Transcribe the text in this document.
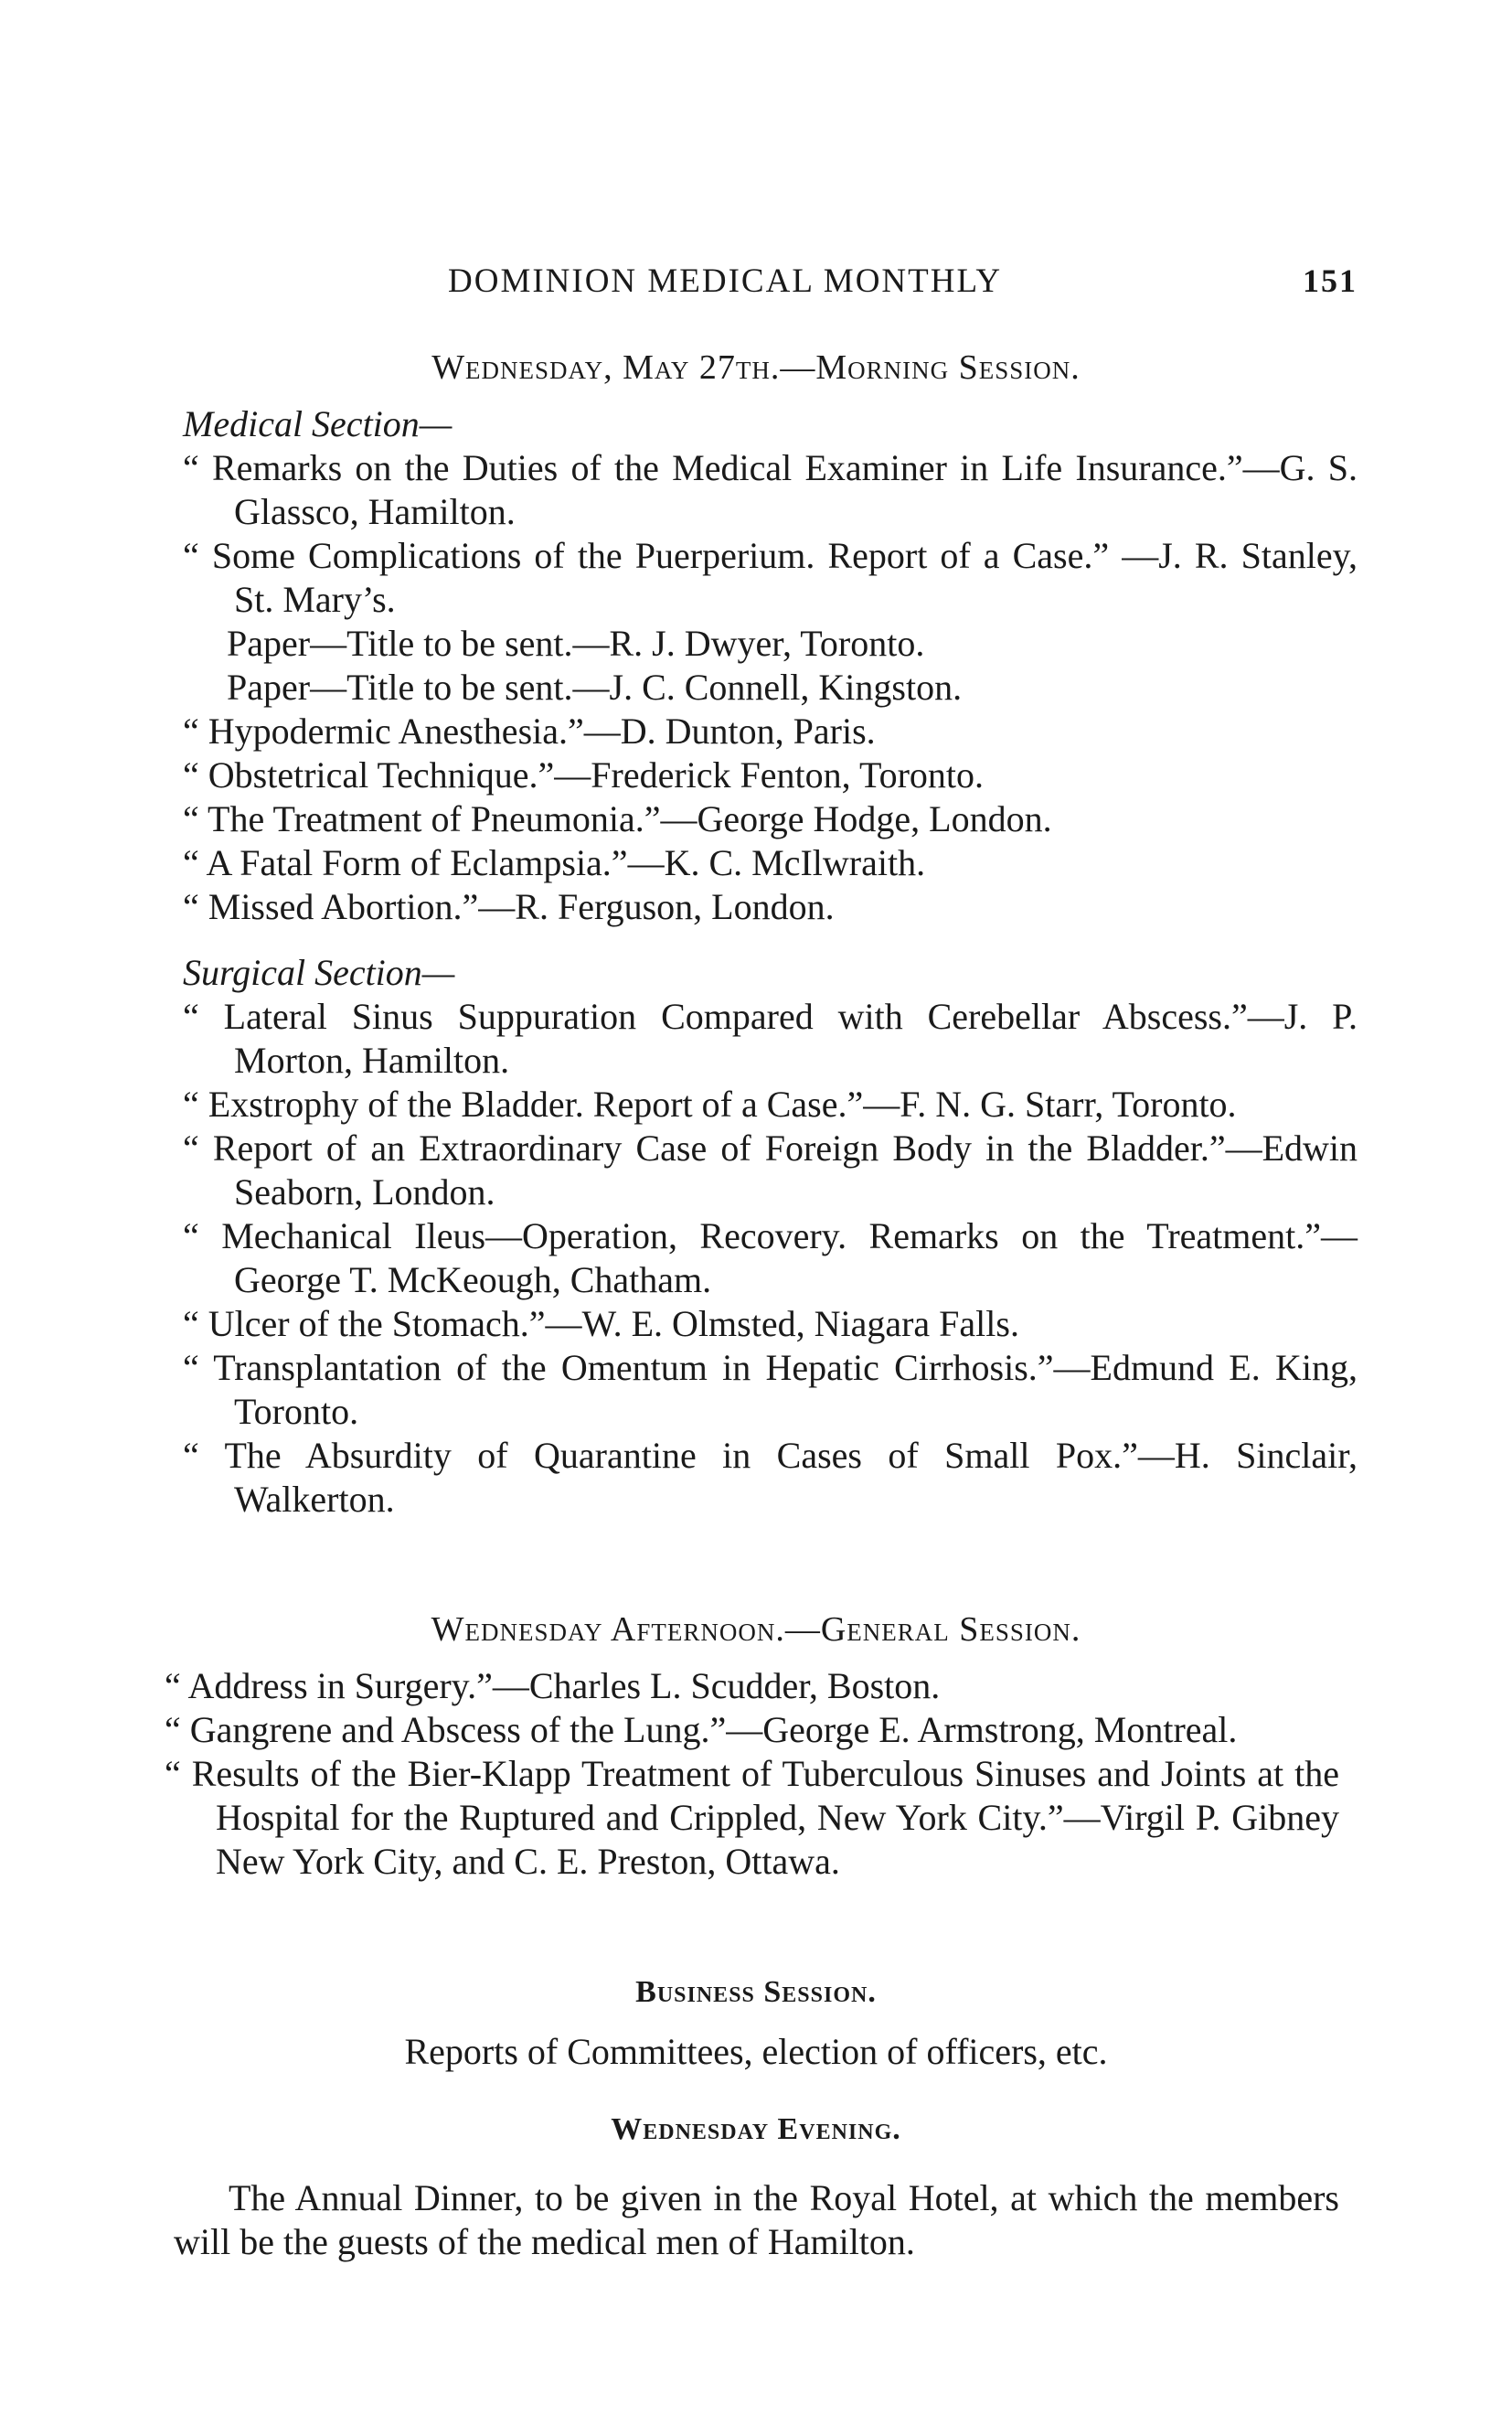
DOMINION MEDICAL MONTHLY	151
Wednesday, May 27th.—Morning Session.
Medical Section—
“ Remarks on the Duties of the Medical Examiner in Life Insurance.”—G. S. Glassco, Hamilton.
“ Some Complications of the Puerperium. Report of a Case.” —J. R. Stanley, St. Mary’s.
Paper—Title to be sent.—R. J. Dwyer, Toronto.
Paper—Title to be sent.—J. C. Connell, Kingston.
“ Hypodermic Anesthesia.”—D. Dunton, Paris.
“ Obstetrical Technique.”—Frederick Fenton, Toronto.
“ The Treatment of Pneumonia.”—George Hodge, London.
“ A Fatal Form of Eclampsia.”—K. C. McIlwraith.
“ Missed Abortion.”—R. Ferguson, London.
Surgical Section—
“ Lateral Sinus Suppuration Compared with Cerebellar Abscess.”—J. P. Morton, Hamilton.
“ Exstrophy of the Bladder. Report of a Case.”—F. N. G. Starr, Toronto.
“ Report of an Extraordinary Case of Foreign Body in the Bladder.”—Edwin Seaborn, London.
“ Mechanical Ileus—Operation, Recovery. Remarks on the Treatment.”—George T. McKeough, Chatham.
“ Ulcer of the Stomach.”—W. E. Olmsted, Niagara Falls.
“ Transplantation of the Omentum in Hepatic Cirrhosis.”—Edmund E. King, Toronto.
“ The Absurdity of Quarantine in Cases of Small Pox.”—H. Sinclair, Walkerton.
Wednesday Afternoon.—General Session.
“ Address in Surgery.”—Charles L. Scudder, Boston.
“ Gangrene and Abscess of the Lung.”—George E. Armstrong, Montreal.
“ Results of the Bier-Klapp Treatment of Tuberculous Sinuses and Joints at the Hospital for the Ruptured and Crippled, New York City.”—Virgil P. Gibney New York City, and C. E. Preston, Ottawa.
Business Session.
Reports of Committees, election of officers, etc.
Wednesday Evening.
The Annual Dinner, to be given in the Royal Hotel, at which the members will be the guests of the medical men of Hamilton.
